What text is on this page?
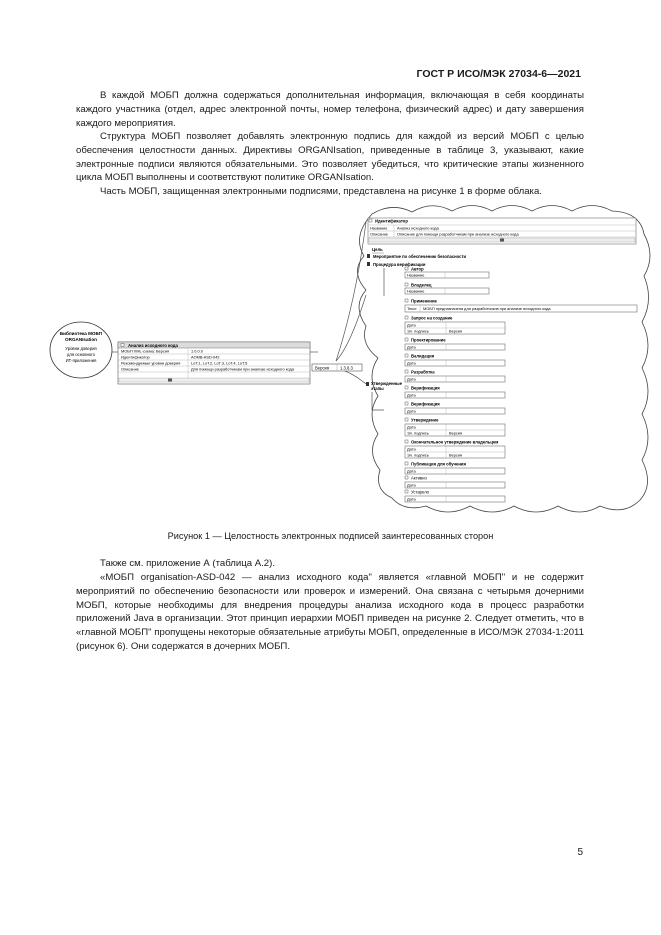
ГОСТ Р ИСО/МЭК 27034-6—2021

В каждой МОБП должна содержаться дополнительная информация, включающая в себя координаты каждого участника (отдел, адрес электронной почты, номер телефона, физический адрес) и дату завершения каждого мероприятия.

Структура МОБП позволяет добавлять электронную подпись для каждой из версий МОБП с целью обеспечения целостности данных. Директивы ORGANIsation, приведенные в таблице 3, указывают, какие электронные подписи являются обязательными. Это позволяет убедиться, что критические этапы жизненного цикла МОБП выполнены и соответствуют политике ORGANIsation.

Часть МОБП, защищенная электронными подписями, представлена на рисунке 1 в форме облака.

Библиотека МОБП
ORGANIsation
Уровни доверия
для основного
ИТ-приложения
Анализ исходного кода
МОБП XML-схема: Версия	1.0.0.0
Идентификатор	AOMB-ASD-042
Рекомендуемые уровни доверия	LoT.1, LoT.2, LoT.3, LoT.4, LoT.5
Описание	Для помощи разработчикам при анализе исходного кода	Версия	1.3.6.3
Идентификатор
Название Анализ исходного кода
Описание Описание для помощи разработчикам при анализе исходного кода
Цель
Мероприятие по обеспечению безопасности
Процедура верификации
Автор
Название
Владелец
Название
Применение
Текст МОБП предназначена для разработчиков при анализе исходного кода
Запрос на создание
Дата
Эл. подпись	Версия
Проектирование
Дата
Валидация
Дата
Разработка
Дата
Утвержденные
этапы	Верификация
Дата
Верификация
Дата
Утверждение
Дата
Эл. подпись	Версия
Окончательное утверждение владельцем
Дата
Эл. подпись	Версия
Публикация для обучения
Дата
Активно
Дата
Устарело
Дата
Рисунок 1 — Целостность электронных подписей заинтересованных сторон

Также см. приложение А (таблица А.2).

«МОБП organisation-ASD-042 — анализ исходного кода" является «главной МОБП" и не содержит мероприятий по обеспечению безопасности или проверок и измерений. Она связана с четырьмя дочерними МОБП, которые необходимы для внедрения процедуры анализа исходного кода в процесс разработки приложений Java в организации. Этот принцип иерархии МОБП приведен на рисунке 2. Следует отметить, что в «главной МОБП" пропущены некоторые обязательные атрибуты МОБП, определенные в ИСО/МЭК 27034-1:2011 (рисунок 6). Они содержатся в дочерних МОБП.

5
